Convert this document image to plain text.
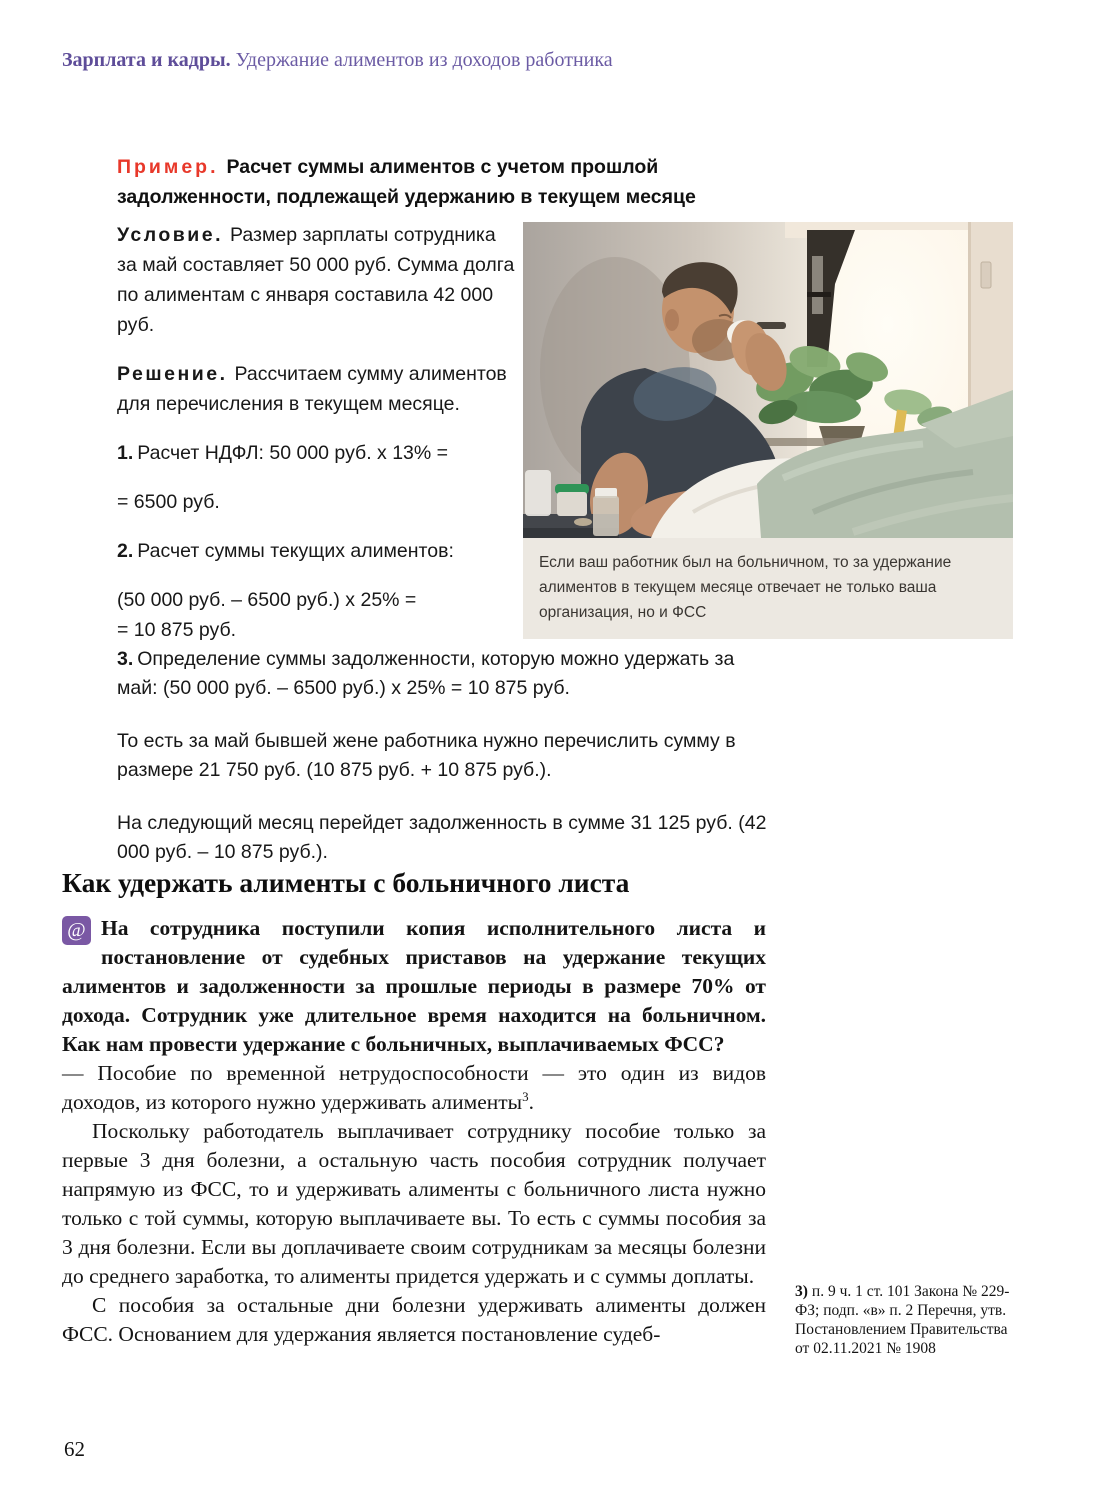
Зарплата и кадры. Удержание алиментов из доходов работника

Пример. Расчет суммы алиментов с учетом прошлой задолженности, подлежащей удержанию в текущем месяце

Условие. Размер зарплаты сотрудника за май составляет 50 000 руб. Сумма долга по алиментам с января составила 42 000 руб.

Решение. Рассчитаем сумму алиментов для перечисления в текущем месяце.

1. Расчет НДФЛ: 50 000 руб. х 13% =

= 6500 руб.

2. Расчет суммы текущих алиментов:

(50 000 руб. – 6500 руб.) х 25% =
= 10 875 руб.

Если ваш работник был на больничном, то за удержание алиментов в текущем месяце отвечает не только ваша организация, но и ФСС

3. Определение суммы задолженности, которую можно удержать за май: (50 000 руб. – 6500 руб.) х 25% = 10 875 руб.

То есть за май бывшей жене работника нужно перечислить сумму в размере 21 750 руб. (10 875 руб. + 10 875 руб.).

На следующий месяц перейдет задолженность в сумме 31 125 руб. (42 000 руб. – 10 875 руб.).

Как удержать алименты с больничного листа

@ На сотрудника поступили копия исполнительного листа и постановление от судебных приставов на удержание текущих алиментов и задолженности за прошлые периоды в размере 70% от дохода. Сотрудник уже длительное время находится на больничном. Как нам провести удержание с больничных, выплачиваемых ФСС?

— Пособие по временной нетрудоспособности — это один из видов доходов, из которого нужно удерживать алименты$^3$.

Поскольку работодатель выплачивает сотруднику пособие только за первые 3 дня болезни, а остальную часть пособия сотрудник получает напрямую из ФСС, то и удерживать алименты с больничного листа нужно только с той суммы, которую выплачиваете вы. То есть с суммы пособия за 3 дня болезни. Если вы доплачиваете своим сотрудникам за месяцы болезни до среднего заработка, то алименты придется удержать и с суммы доплаты.

С пособия за остальные дни болезни удерживать алименты должен ФСС. Основанием для удержания является постановление судеб-

3) п. 9 ч. 1 ст. 101 Закона № 229-ФЗ; подп. «в» п. 2 Перечня, утв. Постановлением Правительства от 02.11.2021 № 1908
62
